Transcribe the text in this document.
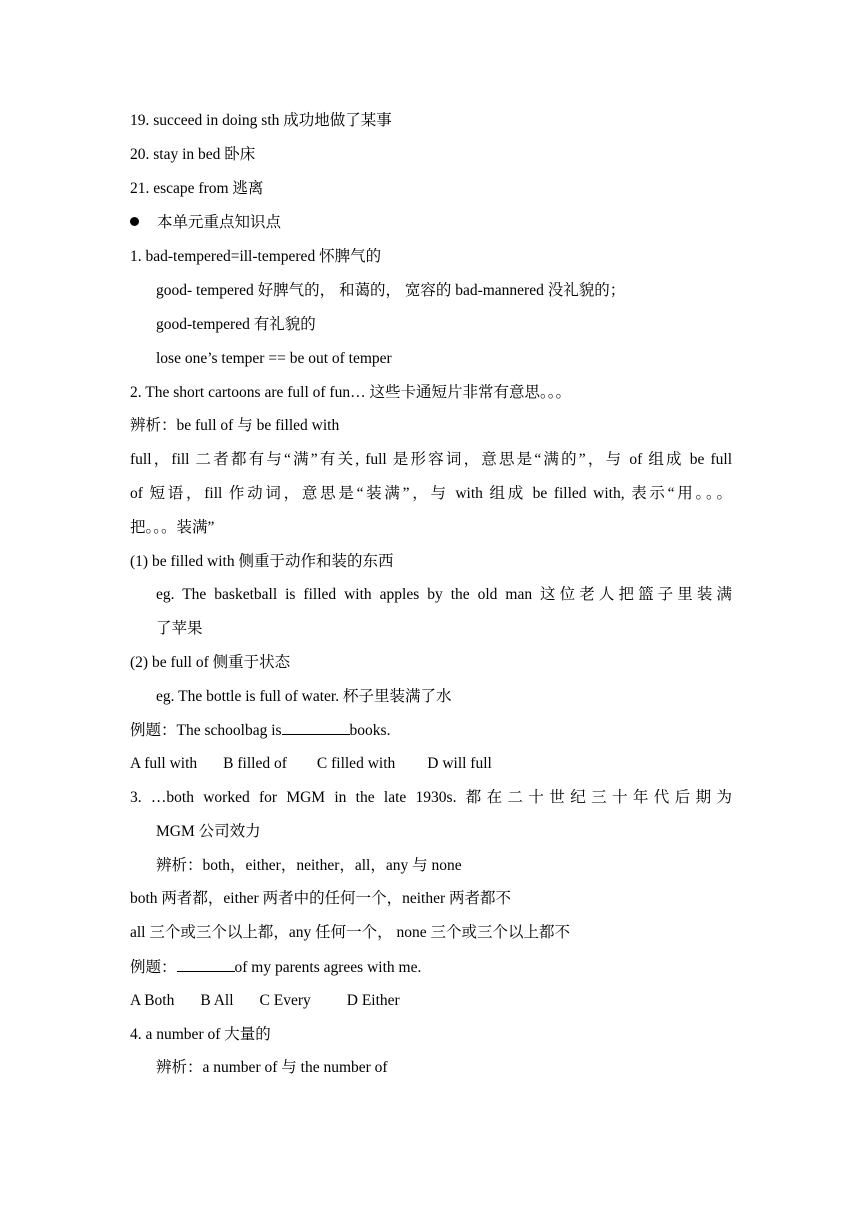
19. succeed in doing sth 成功地做了某事
20. stay in bed 卧床
21. escape from 逃离
本单元重点知识点
1. bad-tempered=ill-tempered 怀脾气的
good- tempered 好脾气的， 和蔼的， 宽容的 bad-mannered 没礼貌的；
good-tempered 有礼貌的
lose one’s temper == be out of temper
2. The short cartoons are full of fun… 这些卡通短片非常有意思。。。
辨析：be full of 与 be filled with
full，fill 二者都有与“满”有关, full 是形容词，意思是“满的”，与 of 组成 be full
of 短语，fill 作动词，意思是“装满”，与 with 组成 be filled with, 表示“用。。。
把。。。装满”
(1) be filled with 侧重于动作和装的东西
eg. The basketball is filled with apples by the old man 这位老人把篮子里装满
了苹果
(2) be full of 侧重于状态
eg. The bottle is full of water. 杯子里装满了水
例题：The schoolbag is	books.
A full with B filled of C filled with D will full
3. …both worked for MGM in the late 1930s. 都在二十世纪三十年代后期为
MGM 公司效力
辨析：both，either，neither，all，any 与 none
both 两者都，either 两者中的任何一个，neither 两者都不
all 三个或三个以上都，any 任何一个， none 三个或三个以上都不
例题：	of my parents agrees with me.
A Both B All C Every D Either
4. a number of 大量的
辨析：a number of 与 the number of
